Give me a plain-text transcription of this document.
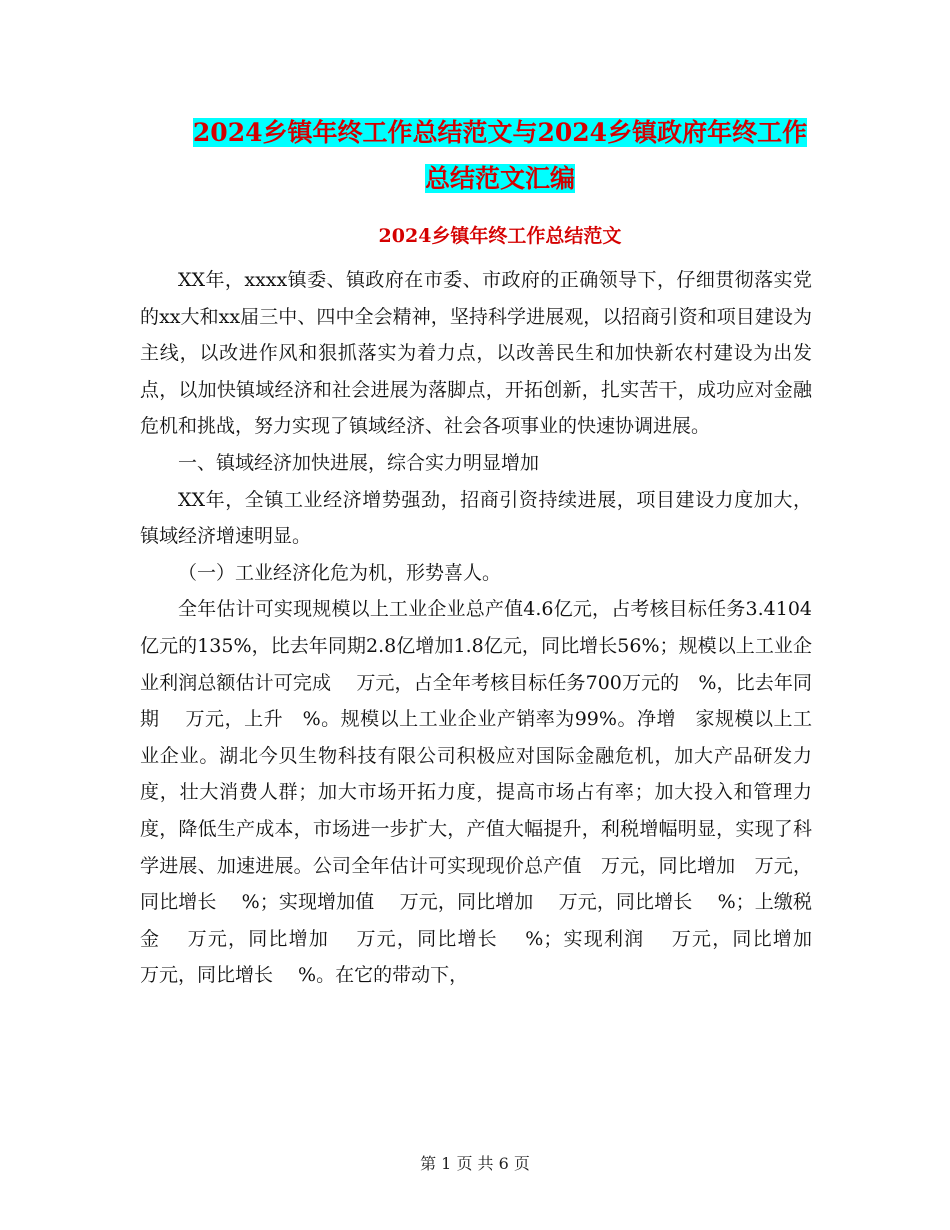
2024乡镇年终工作总结范文与2024乡镇政府年终工作
总结范文汇编
2024乡镇年终工作总结范文

XX年，xxxx镇委、镇政府在市委、市政府的正确领导下，仔细贯彻落实党的xx大和xx届三中、四中全会精神，坚持科学进展观，以招商引资和项目建设为主线，以改进作风和狠抓落实为着力点，以改善民生和加快新农村建设为出发点，以加快镇域经济和社会进展为落脚点，开拓创新，扎实苦干，成功应对金融危机和挑战，努力实现了镇域经济、社会各项事业的快速协调进展。

一、镇域经济加快进展，综合实力明显增加

XX年，全镇工业经济增势强劲，招商引资持续进展，项目建设力度加大，镇域经济增速明显。

（一）工业经济化危为机，形势喜人。

全年估计可实现规模以上工业企业总产值4.6亿元，占考核目标任务3.4104亿元的135%，比去年同期2.8亿增加1.8亿元，同比增长56%；规模以上工业企业利润总额估计可完成　 万元，占全年考核目标任务700万元的　%，比去年同期　 万元，上升　%。规模以上工业企业产销率为99%。净增　家规模以上工业企业。湖北今贝生物科技有限公司积极应对国际金融危机，加大产品研发力度，壮大消费人群；加大市场开拓力度，提高市场占有率；加大投入和管理力度，降低生产成本，市场进一步扩大，产值大幅提升，利税增幅明显，实现了科学进展、加速进展。公司全年估计可实现现价总产值　万元，同比增加　万元，同比增长　 %；实现增加值　 万元，同比增加　 万元，同比增长　 %；上缴税金　 万元，同比增加　 万元，同比增长　 %；实现利润　 万元，同比增加　 万元，同比增长　 %。在它的带动下，

第 1 页 共 6 页
